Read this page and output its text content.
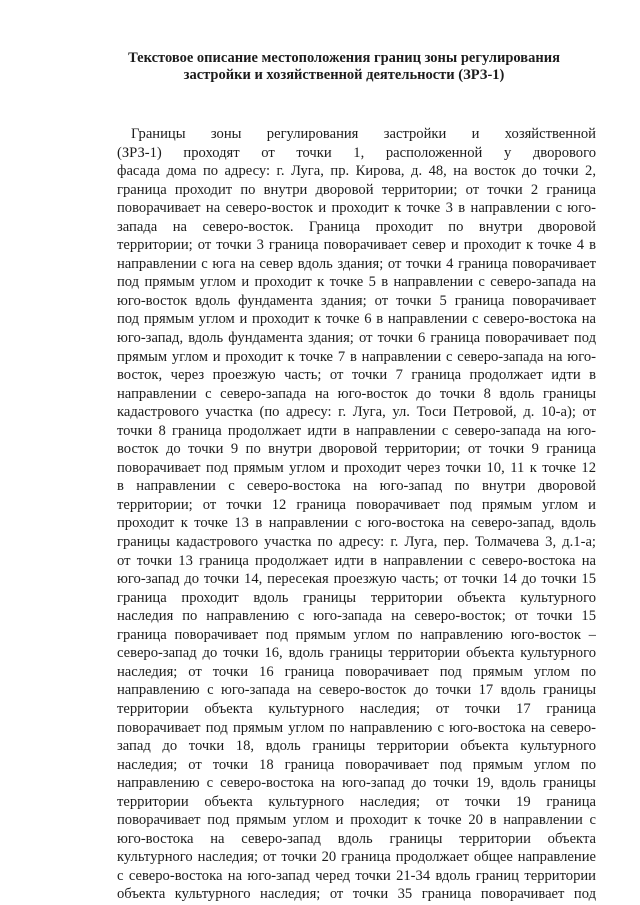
Текстовое описание местоположения границ зоны регулирования
застройки и хозяйственной деятельности (ЗРЗ-1)
Границы зоны регулирования застройки и хозяйственной
(ЗРЗ-1) проходят от точки 1, расположенной у дворового
фасада дома по адресу: г. Луга, пр. Кирова, д. 48, на восток до точки 2,
граница проходит по внутри дворовой территории; от точки 2 граница
поворачивает на северо-восток и проходит к точке 3 в направлении с юго-
запада на северо-восток. Граница проходит по внутри дворовой
территории; от точки 3 граница поворачивает север и проходит к точке 4 в
направлении с юга на север вдоль здания; от точки 4 граница поворачивает
под прямым углом и проходит к точке 5 в направлении с северо-запада на
юго-восток вдоль фундамента здания; от точки 5 граница поворачивает
под прямым углом и проходит к точке 6 в направлении с северо-востока на
юго-запад, вдоль фундамента здания; от точки 6 граница поворачивает под
прямым углом и проходит к точке 7 в направлении с северо-запада на юго-
восток, через проезжую часть; от точки 7 граница продолжает идти в
направлении с северо-запада на юго-восток до точки 8 вдоль границы
кадастрового участка (по адресу: г. Луга, ул. Тоси Петровой, д. 10-а); от
точки 8 граница продолжает идти в направлении с северо-запада на юго-
восток до точки 9 по внутри дворовой территории; от точки 9 граница
поворачивает под прямым углом и проходит через точки 10, 11 к точке 12
в направлении с северо-востока на юго-запад по внутри дворовой
территории; от точки 12 граница поворачивает под прямым углом и
проходит к точке 13 в направлении с юго-востока на северо-запад, вдоль
границы кадастрового участка по адресу: г. Луга, пер. Толмачева 3, д.1-а;
от точки 13 граница продолжает идти в направлении с северо-востока на
юго-запад до точки 14, пересекая проезжую часть; от точки 14 до точки 15
граница проходит вдоль границы территории объекта культурного
наследия по направлению с юго-запада на северо-восток; от точки 15
граница поворачивает под прямым углом по направлению юго-восток –
северо-запад до точки 16, вдоль границы территории объекта культурного
наследия; от точки 16 граница поворачивает под прямым углом по
направлению с юго-запада на северо-восток до точки 17 вдоль границы
территории объекта культурного наследия; от точки 17 граница
поворачивает под прямым углом по направлению с юго-востока на северо-
запад до точки 18, вдоль границы территории объекта культурного
наследия; от точки 18 граница поворачивает под прямым углом по
направлению с северо-востока на юго-запад до точки 19, вдоль границы
территории объекта культурного наследия; от точки 19 граница
поворачивает под прямым углом и проходит к точке 20 в направлении с
юго-востока на северо-запад вдоль границы территории объекта
культурного наследия; от точки 20 граница продолжает общее направление
с северо-востока на юго-запад черед точки 21-34 вдоль границ территории
объекта культурного наследия; от точки 35 граница поворачивает под
